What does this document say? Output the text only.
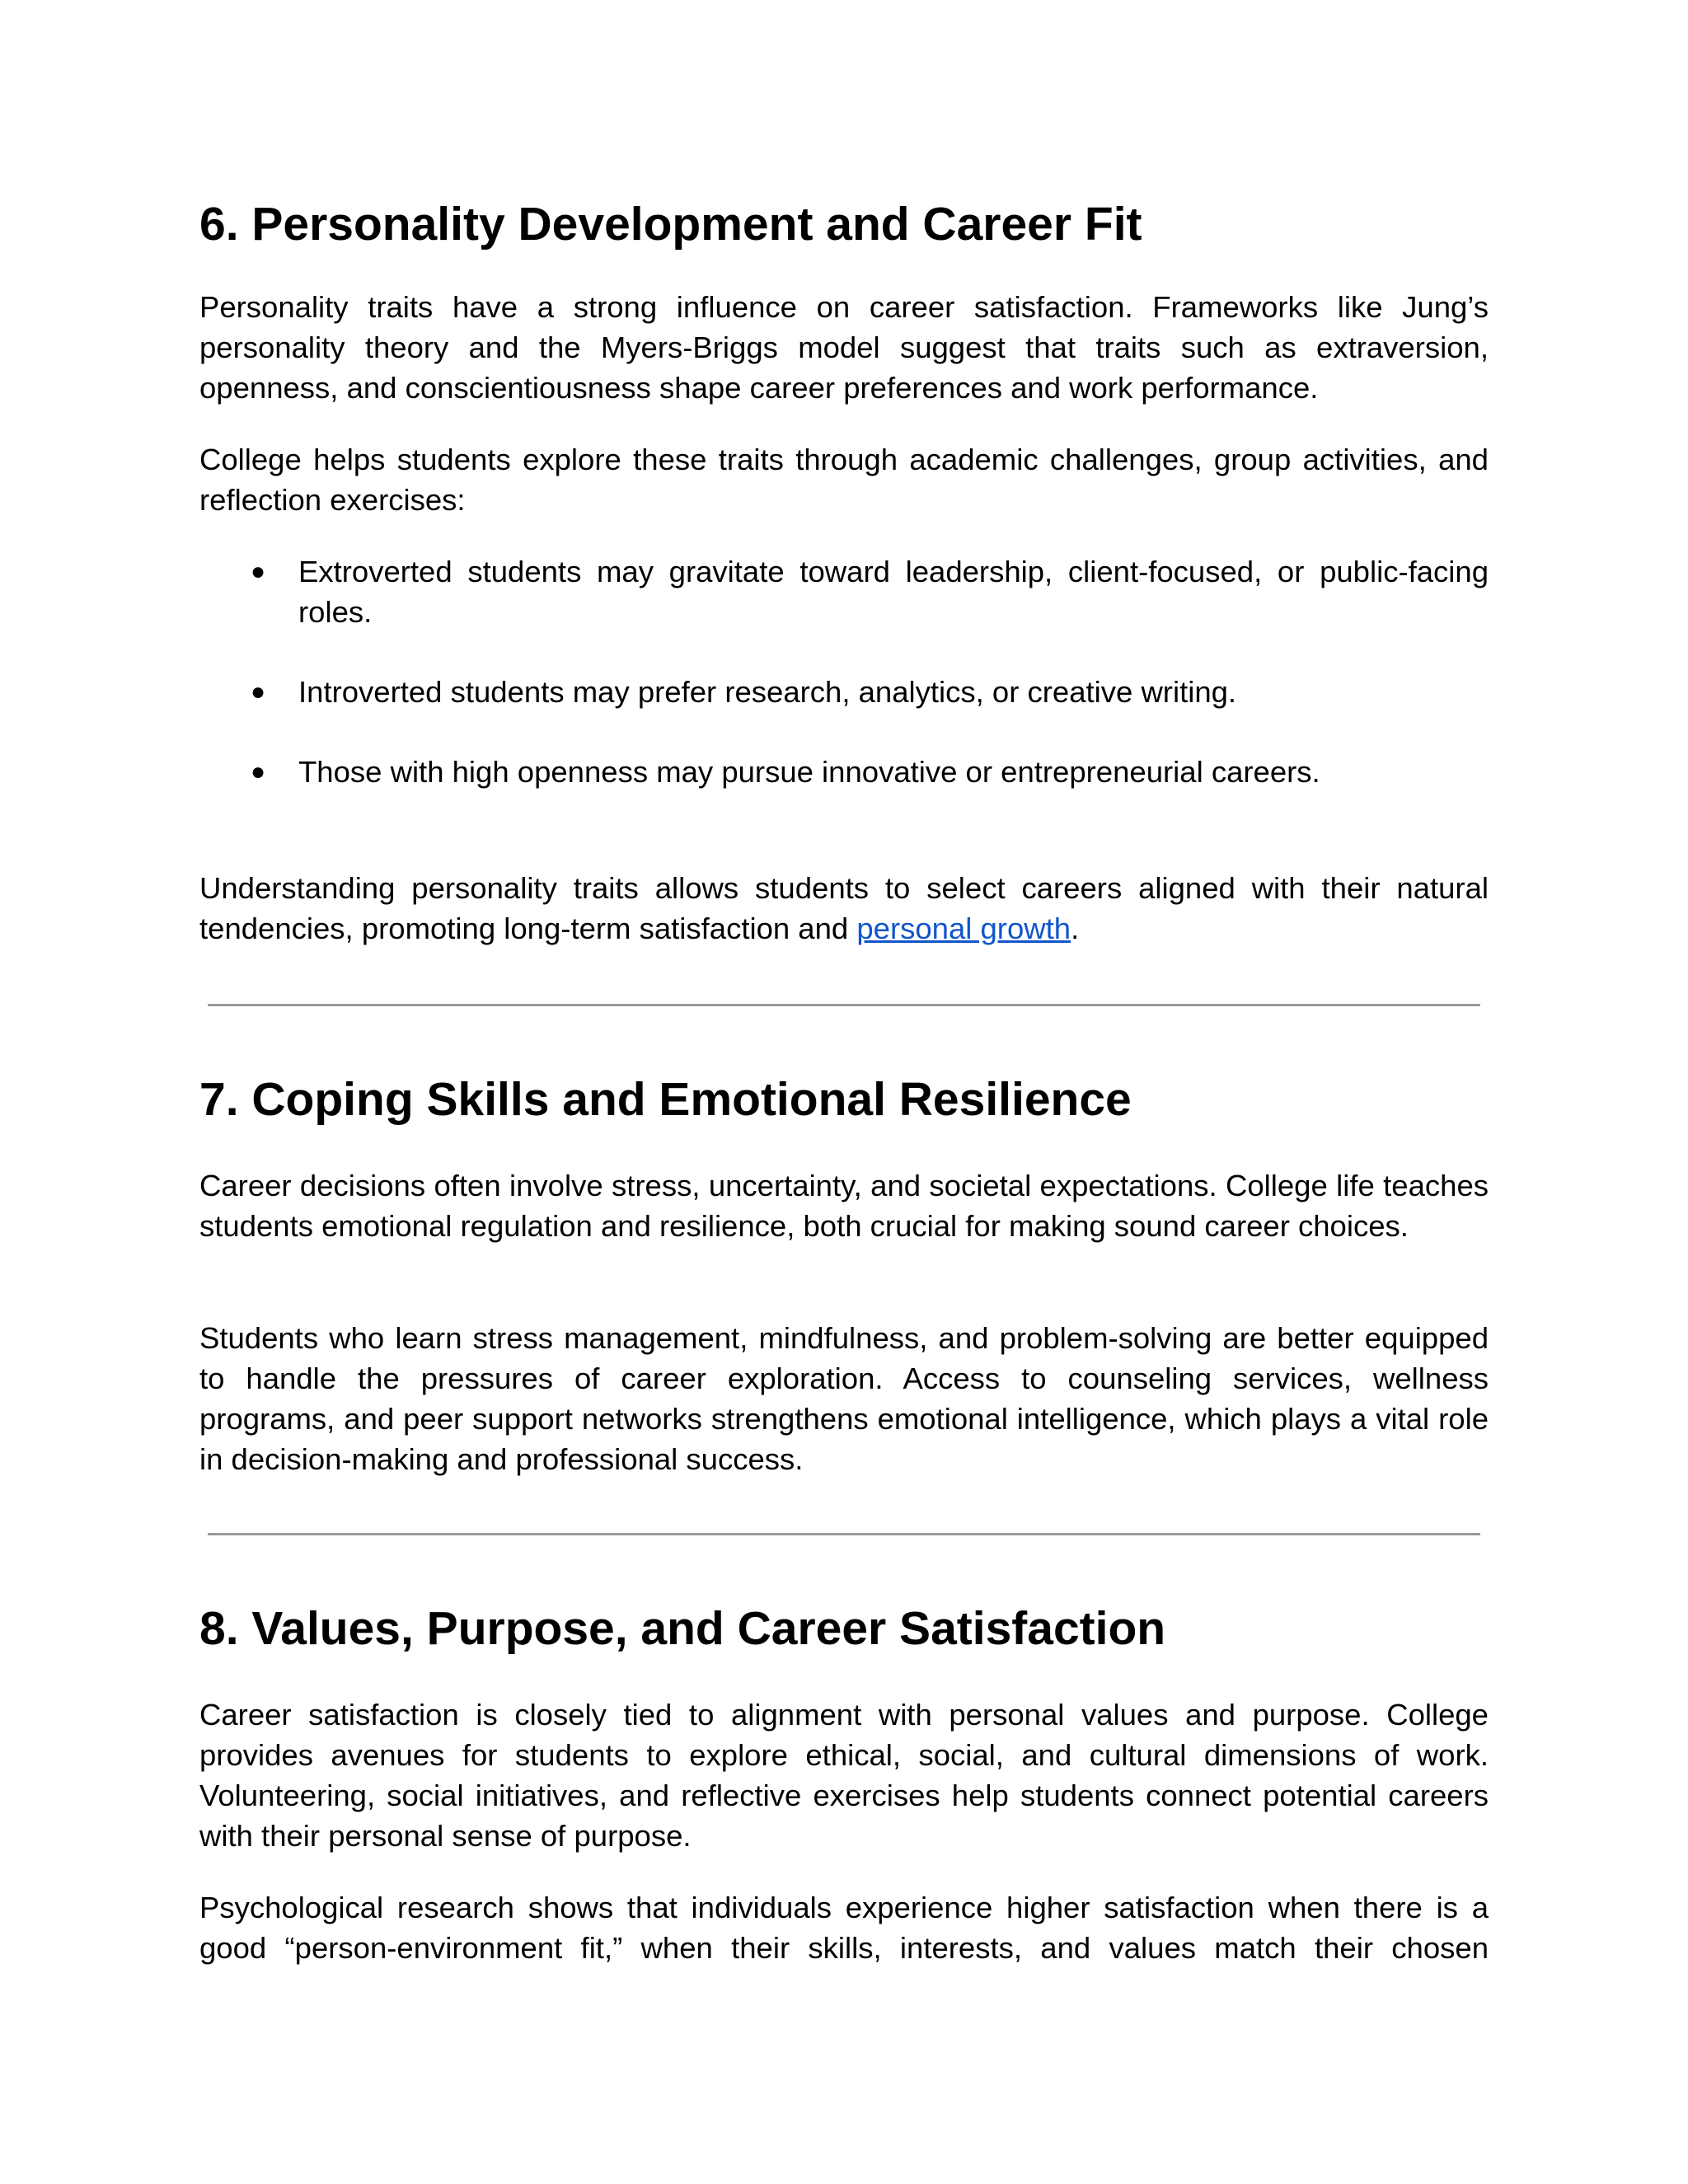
6. Personality Development and Career Fit

Personality traits have a strong influence on career satisfaction. Frameworks like Jung’s personality theory and the Myers-Briggs model suggest that traits such as extraversion, openness, and conscientiousness shape career preferences and work performance.

College helps students explore these traits through academic challenges, group activities, and reflection exercises:

● Extroverted students may gravitate toward leadership, client-focused, or public-facing roles.
● Introverted students may prefer research, analytics, or creative writing.
● Those with high openness may pursue innovative or entrepreneurial careers.

Understanding personality traits allows students to select careers aligned with their natural tendencies, promoting long-term satisfaction and personal growth.

7. Coping Skills and Emotional Resilience

Career decisions often involve stress, uncertainty, and societal expectations. College life teaches students emotional regulation and resilience, both crucial for making sound career choices.

Students who learn stress management, mindfulness, and problem-solving are better equipped to handle the pressures of career exploration. Access to counseling services, wellness programs, and peer support networks strengthens emotional intelligence, which plays a vital role in decision-making and professional success.

8. Values, Purpose, and Career Satisfaction

Career satisfaction is closely tied to alignment with personal values and purpose. College provides avenues for students to explore ethical, social, and cultural dimensions of work. Volunteering, social initiatives, and reflective exercises help students connect potential careers with their personal sense of purpose.

Psychological research shows that individuals experience higher satisfaction when there is a good “person-environment fit,” when their skills, interests, and values match their chosen
